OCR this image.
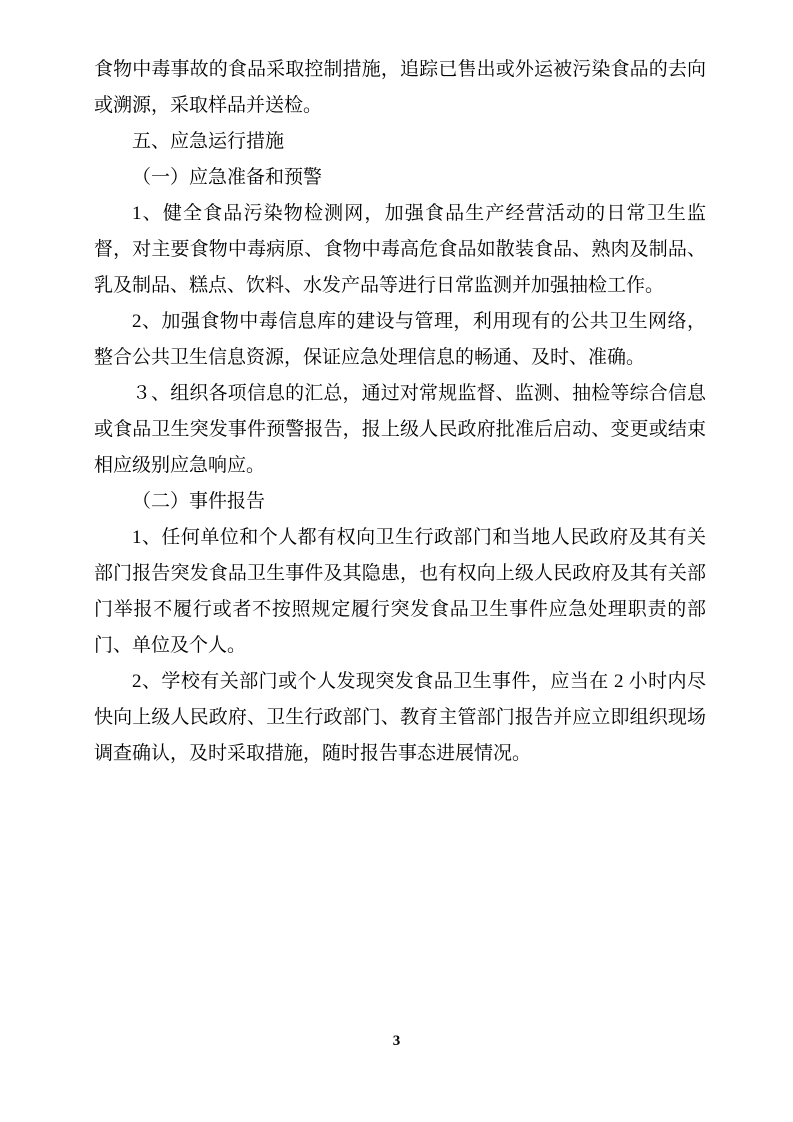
食物中毒事故的食品采取控制措施，追踪已售出或外运被污染食品的去向或溯源，采取样品并送检。

五、应急运行措施

（一）应急准备和预警

1、健全食品污染物检测网，加强食品生产经营活动的日常卫生监督，对主要食物中毒病原、食物中毒高危食品如散装食品、熟肉及制品、乳及制品、糕点、饮料、水发产品等进行日常监测并加强抽检工作。

2、加强食物中毒信息库的建设与管理，利用现有的公共卫生网络，整合公共卫生信息资源，保证应急处理信息的畅通、及时、准确。

３、组织各项信息的汇总，通过对常规监督、监测、抽检等综合信息或食品卫生突发事件预警报告，报上级人民政府批准后启动、变更或结束相应级别应急响应。

（二）事件报告

1、任何单位和个人都有权向卫生行政部门和当地人民政府及其有关部门报告突发食品卫生事件及其隐患，也有权向上级人民政府及其有关部门举报不履行或者不按照规定履行突发食品卫生事件应急处理职责的部门、单位及个人。

2、学校有关部门或个人发现突发食品卫生事件，应当在 2 小时内尽快向上级人民政府、卫生行政部门、教育主管部门报告并应立即组织现场调查确认，及时采取措施，随时报告事态进展情况。

3
